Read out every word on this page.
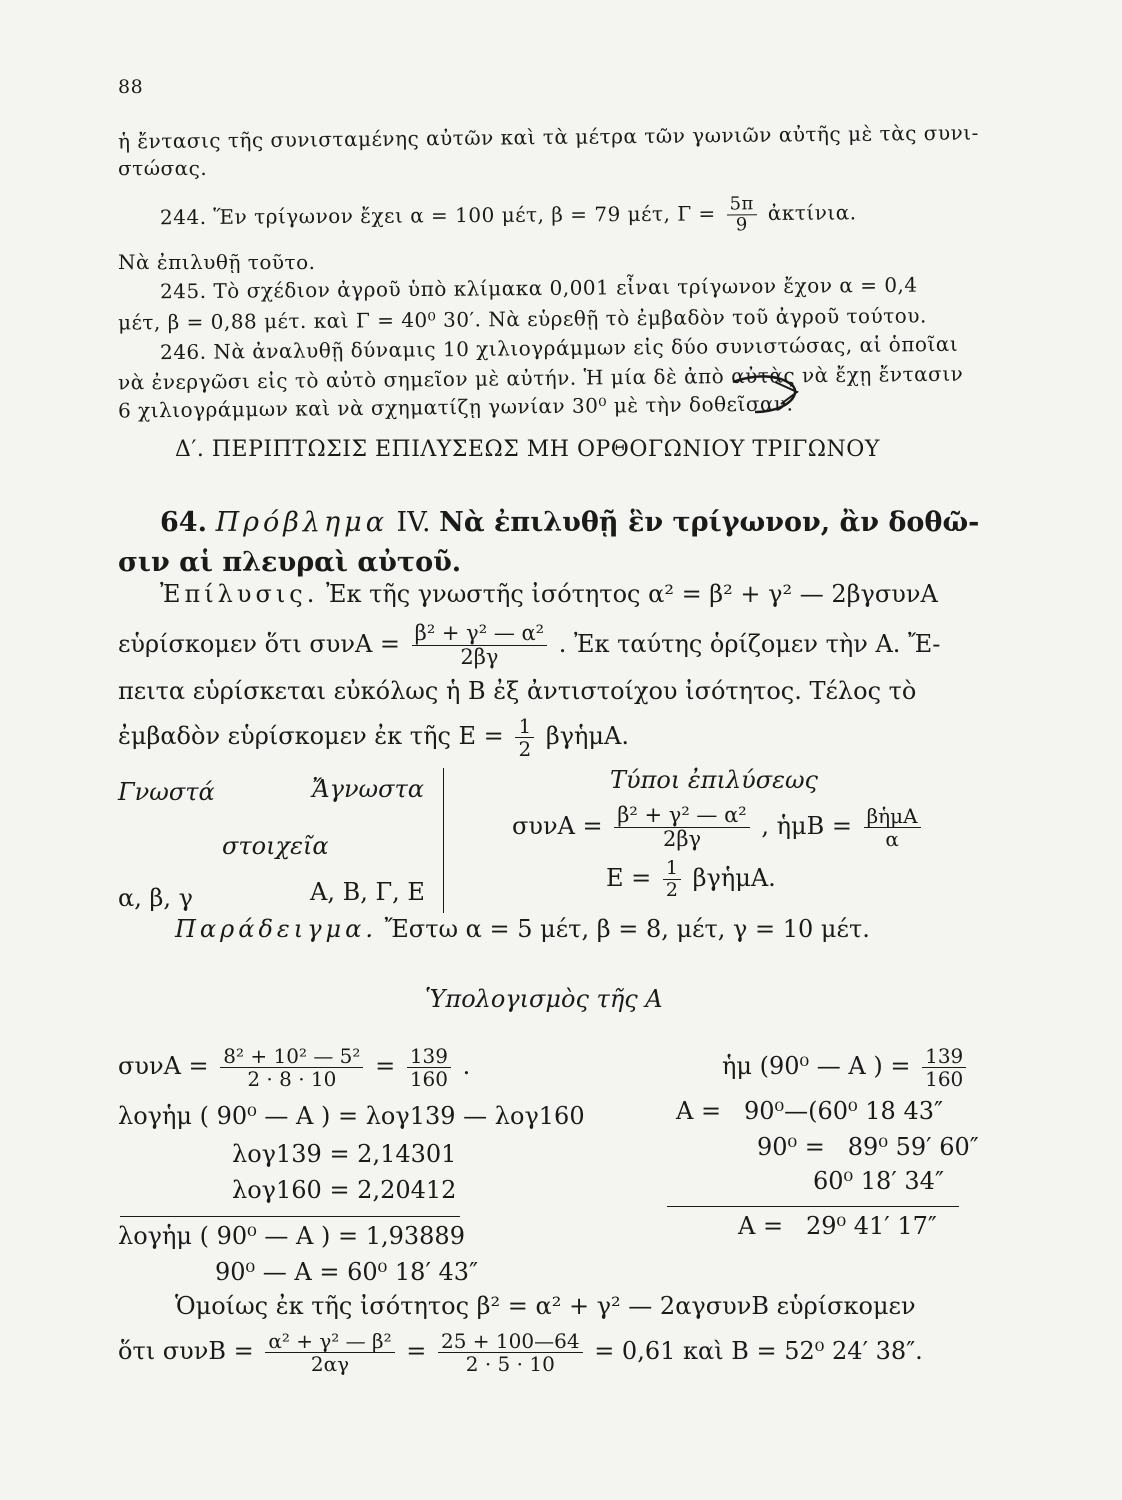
88
ἡ ἔντασις τῆς συνισταμένης αὐτῶν καὶ τὰ μέτρα τῶν γωνιῶν αὐτῆς μὲ τὰς συνι-
στώσας.
244. Ἕν τρίγωνον ἔχει α = 100 μέτ, β = 79 μέτ, $\Gamma = \frac{5\pi}{9}$ ἀκτίνια.
Νὰ ἐπιλυθῇ τοῦτο.
245. Τὸ σχέδιον ἀγροῦ ὑπὸ κλίμακα 0,001 εἶναι τρίγωνον ἔχον α = 0,4
μέτ, β = 0,88 μέτ. καὶ Γ = 40⁰ 30′. Νὰ εὑρεθῇ τὸ ἐμβαδὸν τοῦ ἀγροῦ τούτου.
246. Νὰ ἀναλυθῇ δύναμις 10 χιλιογράμμων εἰς δύο συνιστώσας, αἱ ὁποῖαι
νὰ ἐνεργῶσι εἰς τὸ αὐτὸ σημεῖον μὲ αὐτήν. Ἡ μία δὲ ἀπὸ αὐτὰς νὰ ἔχῃ ἔντασιν
6 χιλιογράμμων καὶ νὰ σχηματίζῃ γωνίαν 30⁰ μὲ τὴν δοθεῖσαν.
Δ′. ΠΕΡΙΠΤΩΣΙΣ ΕΠΙΛΥΣΕΩΣ ΜΗ ΟΡΘΟΓΩΝΙΟΥ ΤΡΙΓΩΝΟΥ
64. Πρόβλημα IV. Νὰ ἐπιλυθῇ ἓν τρίγωνον, ἂν δοθῶ-
σιν αἱ πλευραὶ αὐτοῦ.
Ἐπίλυσις. Ἐκ τῆς γνωστῆς ἰσότητος α² = β² + γ² — 2βγσυνΑ
εὑρίσκομεν ὅτι $\sigma\upsilon\nu A = \frac{\text{β² + γ² — α²}}{2\beta\gamma}$ . Ἐκ ταύτης ὁρίζομεν τὴν Α. Ἔ-
πειτα εὑρίσκεται εὐκόλως ἡ Β ἐξ ἀντιστοίχου ἰσότητος. Τέλος τὸ
ἐμβαδὸν εὑρίσκομεν ἐκ τῆς $E = \frac{1}{2}$ βγἡμΑ.
Γνωστά	Ἄγνωστα
στοιχεῖα
α, β, γ	Α, Β, Γ, Ε
Τύποι ἐπιλύσεως
$\sigma\upsilon\nu A = \frac{\text{β² + γ² — α²}}{2\beta\gamma}$ , ἡμΒ = $\frac{\text{βἡμΑ}}{\alpha}$
$E = \frac{1}{2}$ βγἡμΑ.
Παράδειγμα. Ἔστω α = 5 μέτ, β = 8, μέτ, γ = 10 μέτ.
Ὑπολογισμὸς τῆς Α
$\sigma\upsilon\nu A = \frac{\text{8² + 10² — 5²}}{2 \cdot 8 \cdot 10} = \frac{139}{160}$ .
λογἡμ ( 90⁰ — Α ) = λογ139 — λογ160
λογ139 = 2,14301
λογ160 = 2,20412
λογἡμ ( 90⁰ — Α ) = 1,93889
90⁰ — Α = 60⁰ 18′ 43″
ἡμ (90⁰ — Α ) = $\frac{139}{160}$
Α =   90⁰—(60⁰ 18 43″
90⁰ =   89⁰ 59′ 60″
60⁰ 18′ 34″
Α =   29⁰ 41′ 17″
Ὁμοίως ἐκ τῆς ἰσότητος β² = α² + γ² — 2αγσυνΒ εὑρίσκομεν
ὅτι $\sigma\upsilon\nu B = \frac{\text{α² + γ² — β²}}{2\alpha\gamma} = \frac{25 + 100—64}{2 \cdot 5 \cdot 10} = 0,61$ καὶ Β = 52⁰ 24′ 38″.
